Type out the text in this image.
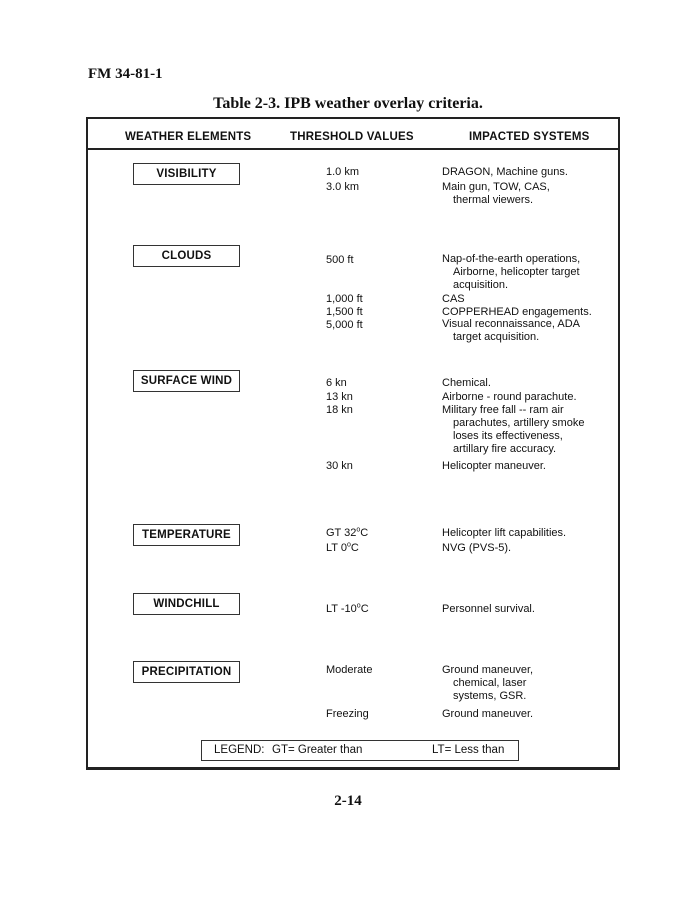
FM 34-81-1
Table 2-3. IPB weather overlay criteria.
WEATHER ELEMENTS	THRESHOLD VALUES	IMPACTED SYSTEMS
VISIBILITY	1.0 km	DRAGON, Machine guns.
3.0 km	Main gun, TOW, CAS,
thermal viewers.
CLOUDS	500 ft	Nap-of-the-earth operations,
Airborne, helicopter target
acquisition.
1,000 ft	CAS
1,500 ft	COPPERHEAD engagements.
5,000 ft	Visual reconnaissance, ADA
target acquisition.
SURFACE WIND	6 kn	Chemical.
13 kn	Airborne - round parachute.
18 kn	Military free fall -- ram air
parachutes, artillery smoke
loses its effectiveness,
artillary fire accuracy.
30 kn	Helicopter maneuver.
TEMPERATURE	GT 32$^o$C	Helicopter lift capabilities.
LT 0$^o$C	NVG (PVS-5).
WINDCHILL	LT -10$^o$C	Personnel survival.
PRECIPITATION	Moderate	Ground maneuver,
chemical, laser
systems, GSR.
Freezing	Ground maneuver.
LEGEND: GT= Greater than	LT= Less than
2-14
